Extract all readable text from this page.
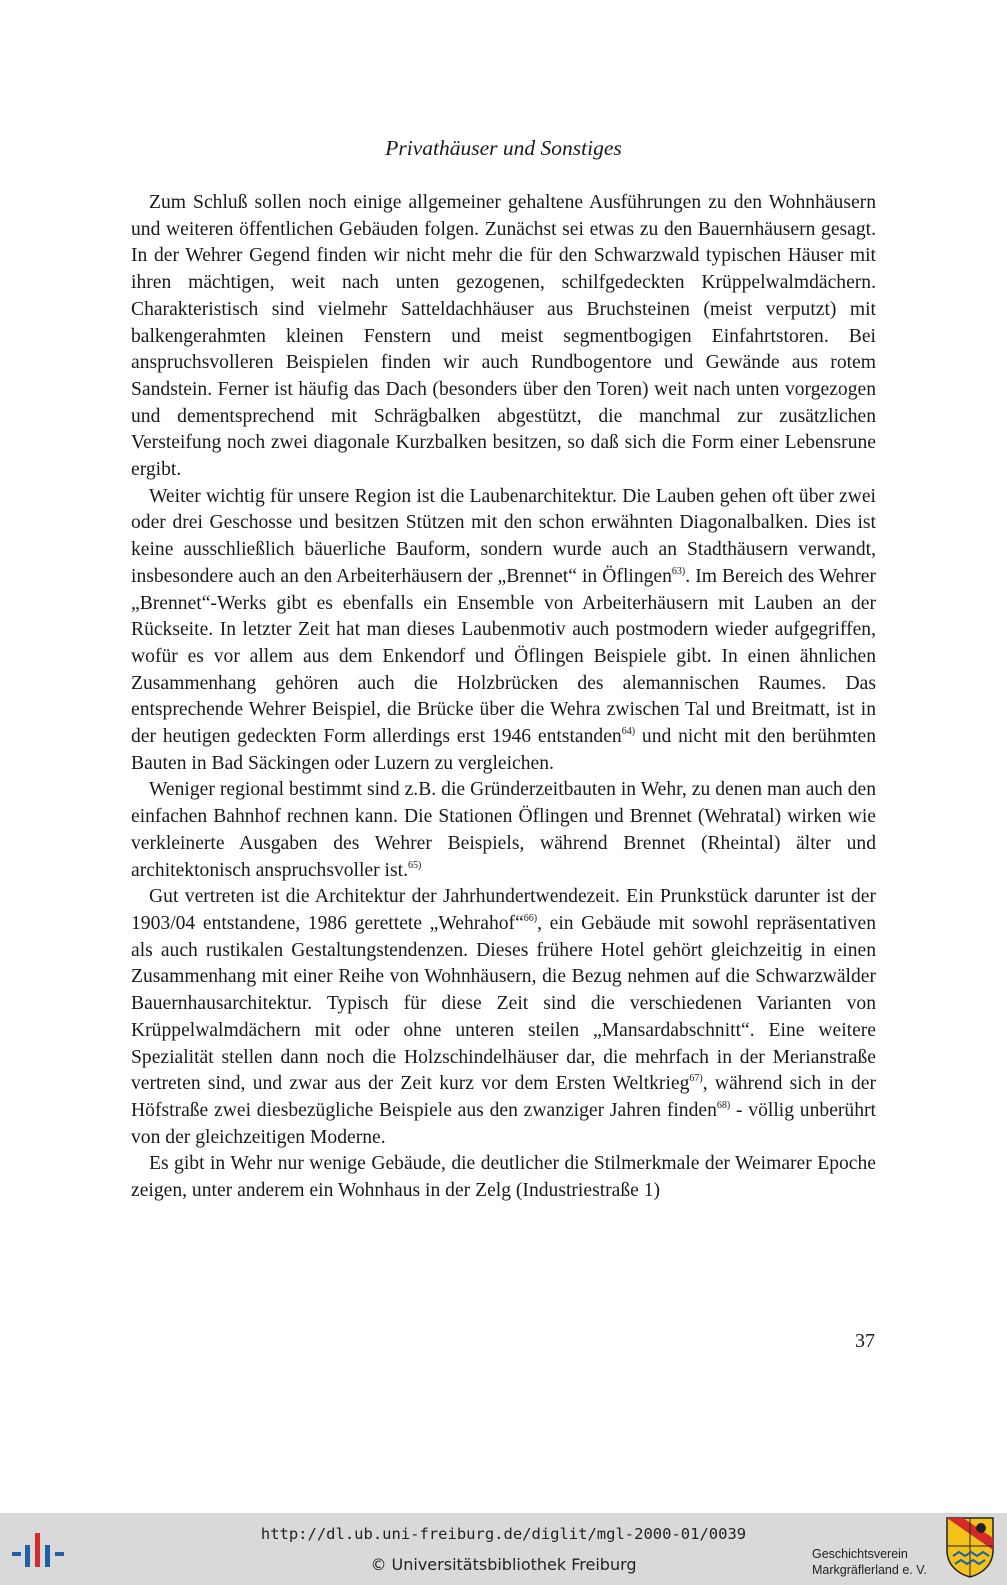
Privathäuser und Sonstiges

Zum Schluß sollen noch einige allgemeiner gehaltene Ausführungen zu den Wohnhäusern und weiteren öffentlichen Gebäuden folgen. Zunächst sei etwas zu den Bauernhäusern gesagt. In der Wehrer Gegend finden wir nicht mehr die für den Schwarzwald typischen Häuser mit ihren mächtigen, weit nach unten gezogenen, schilfgedeckten Krüppelwalmdächern. Charakteristisch sind vielmehr Satteldachhäuser aus Bruchsteinen (meist verputzt) mit balkengerahmten kleinen Fenstern und meist segmentbogigen Einfahrtstoren. Bei anspruchsvolleren Beispielen finden wir auch Rundbogentore und Gewände aus rotem Sandstein. Ferner ist häufig das Dach (besonders über den Toren) weit nach unten vorgezogen und dementsprechend mit Schrägbalken abgestützt, die manchmal zur zusätzlichen Versteifung noch zwei diagonale Kurzbalken besitzen, so daß sich die Form einer Lebensrune ergibt.

Weiter wichtig für unsere Region ist die Laubenarchitektur. Die Lauben gehen oft über zwei oder drei Geschosse und besitzen Stützen mit den schon erwähnten Diagonalbalken. Dies ist keine ausschließlich bäuerliche Bauform, sondern wurde auch an Stadthäusern verwandt, insbesondere auch an den Arbeiterhäusern der „Brennet“ in Öflingen$^{63)}$. Im Bereich des Wehrer „Brennet“-Werks gibt es ebenfalls ein Ensemble von Arbeiterhäusern mit Lauben an der Rückseite. In letzter Zeit hat man dieses Laubenmotiv auch postmodern wieder aufgegriffen, wofür es vor allem aus dem Enkendorf und Öflingen Beispiele gibt. In einen ähnlichen Zusammenhang gehören auch die Holzbrücken des alemannischen Raumes. Das entsprechende Wehrer Beispiel, die Brücke über die Wehra zwischen Tal und Breitmatt, ist in der heutigen gedeckten Form allerdings erst 1946 entstanden$^{64)}$ und nicht mit den berühmten Bauten in Bad Säckingen oder Luzern zu vergleichen.

Weniger regional bestimmt sind z.B. die Gründerzeitbauten in Wehr, zu denen man auch den einfachen Bahnhof rechnen kann. Die Stationen Öflingen und Brennet (Wehratal) wirken wie verkleinerte Ausgaben des Wehrer Beispiels, während Brennet (Rheintal) älter und architektonisch anspruchsvoller ist.$^{65)}$

Gut vertreten ist die Architektur der Jahrhundertwendezeit. Ein Prunkstück darunter ist der 1903/04 entstandene, 1986 gerettete „Wehrahof“$^{66)}$, ein Gebäude mit sowohl repräsentativen als auch rustikalen Gestaltungstendenzen. Dieses frühere Hotel gehört gleichzeitig in einen Zusammenhang mit einer Reihe von Wohnhäusern, die Bezug nehmen auf die Schwarzwälder Bauernhausarchitektur. Typisch für diese Zeit sind die verschiedenen Varianten von Krüppelwalmdächern mit oder ohne unteren steilen „Mansardabschnitt“. Eine weitere Spezialität stellen dann noch die Holzschindelhäuser dar, die mehrfach in der Merianstraße vertreten sind, und zwar aus der Zeit kurz vor dem Ersten Weltkrieg$^{67)}$, während sich in der Höfstraße zwei diesbezügliche Beispiele aus den zwanziger Jahren finden$^{68)}$ - völlig unberührt von der gleichzeitigen Moderne.

Es gibt in Wehr nur wenige Gebäude, die deutlicher die Stilmerkmale der Weimarer Epoche zeigen, unter anderem ein Wohnhaus in der Zelg (Industriestraße 1)

37
http://dl.ub.uni-freiburg.de/diglit/mgl-2000-01/0039
© Universitätsbibliothek Freiburg
Geschichtsverein
Markgräflerland e. V.
